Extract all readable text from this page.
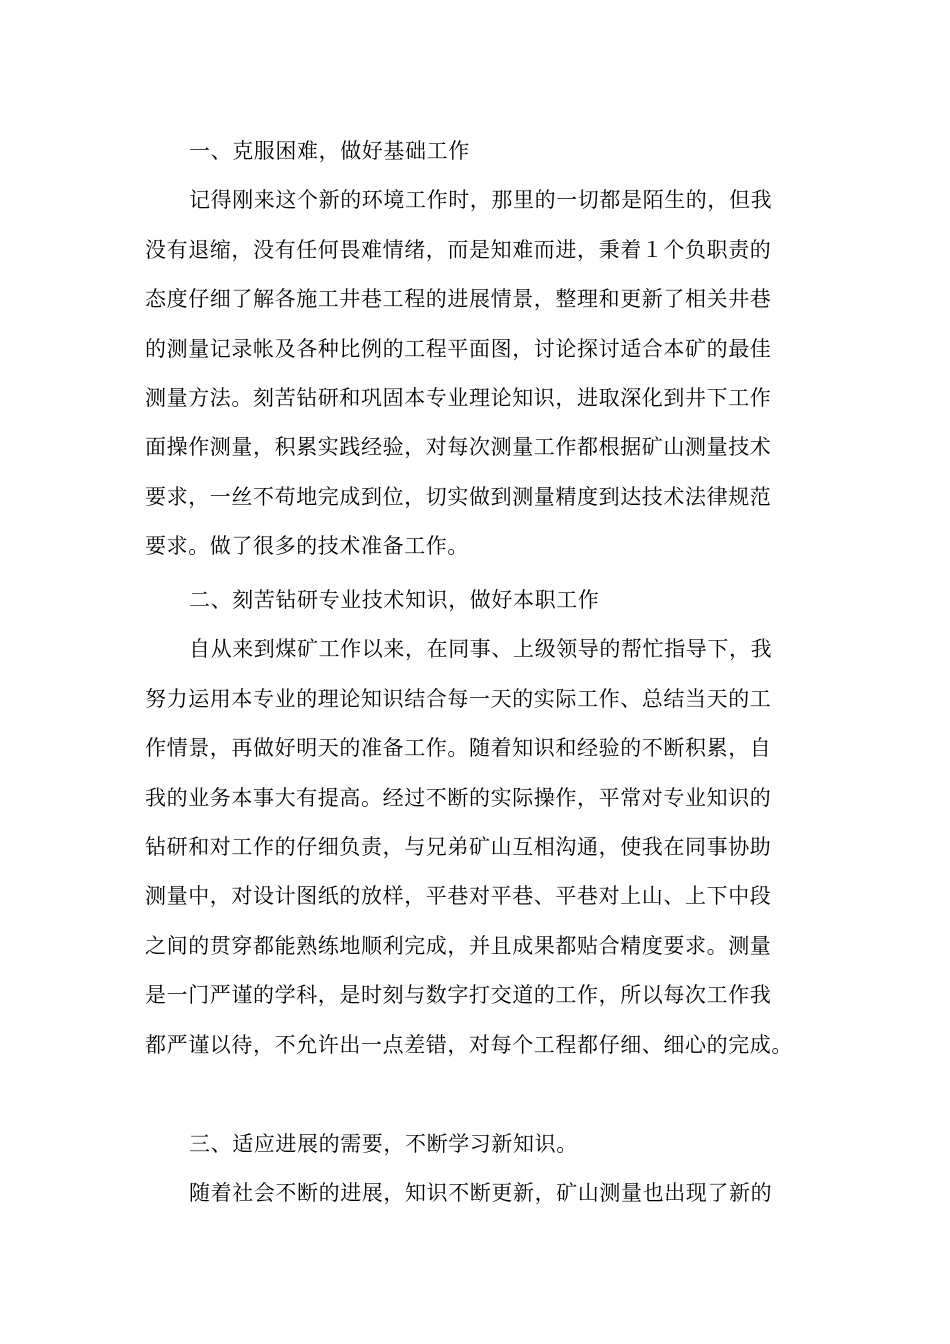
一、克服困难，做好基础工作
记得刚来这个新的环境工作时，那里的一切都是陌生的，但我
没有退缩，没有任何畏难情绪，而是知难而进，秉着１个负职责的
态度仔细了解各施工井巷工程的进展情景，整理和更新了相关井巷
的测量记录帐及各种比例的工程平面图，讨论探讨适合本矿的最佳
测量方法。刻苦钻研和巩固本专业理论知识，进取深化到井下工作
面操作测量，积累实践经验，对每次测量工作都根据矿山测量技术
要求，一丝不苟地完成到位，切实做到测量精度到达技术法律规范
要求。做了很多的技术准备工作。
二、刻苦钻研专业技术知识，做好本职工作
自从来到煤矿工作以来，在同事、上级领导的帮忙指导下，我
努力运用本专业的理论知识结合每一天的实际工作、总结当天的工
作情景，再做好明天的准备工作。随着知识和经验的不断积累，自
我的业务本事大有提高。经过不断的实际操作，平常对专业知识的
钻研和对工作的仔细负责，与兄弟矿山互相沟通，使我在同事协助
测量中，对设计图纸的放样，平巷对平巷、平巷对上山、上下中段
之间的贯穿都能熟练地顺利完成，并且成果都贴合精度要求。测量
是一门严谨的学科，是时刻与数字打交道的工作，所以每次工作我
都严谨以待，不允许出一点差错，对每个工程都仔细、细心的完成。
三、适应进展的需要，不断学习新知识。
随着社会不断的进展，知识不断更新，矿山测量也出现了新的
